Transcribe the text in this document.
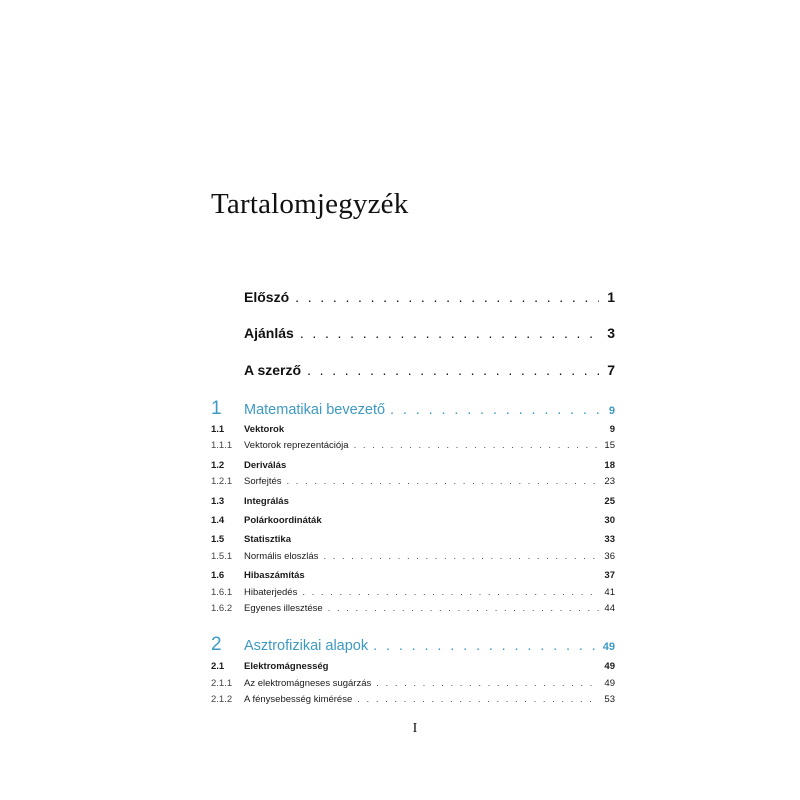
Tartalomjegyzék
Előszó . . .	1
Ajánlás . . .	3
A szerző . . .	7
1	Matematikai bevezető . . .	9
1.1	Vektorok	9
1.1.1	Vektorok reprezentációja . . .	15
1.2	Deriválás	18
1.2.1	Sorfejtés . . .	23
1.3	Integrálás	25
1.4	Polárkoordináták	30
1.5	Statisztika	33
1.5.1	Normális eloszlás . . .	36
1.6	Hibaszámítás	37
1.6.1	Hibaterjedés . . .	41
1.6.2	Egyenes illesztése . . .	44
2	Asztrofizikai alapok . . .	49
2.1	Elektromágnesség	49
2.1.1	Az elektromágneses sugárzás . . .	49
2.1.2	A fénysebesség kimérése . . .	53
I
